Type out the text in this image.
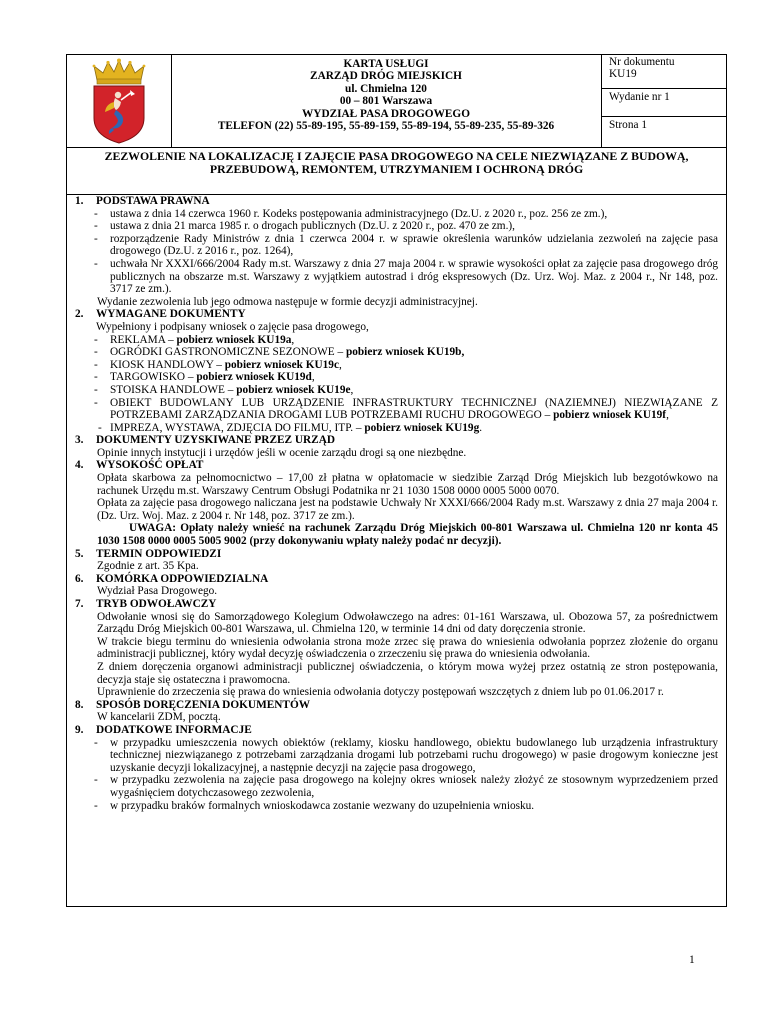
KARTA USŁUGI
ZARZĄD DRÓG MIEJSKICH
ul. Chmielna 120
00 – 801 Warszawa
WYDZIAŁ PASA DROGOWEGO
TELEFON (22) 55-89-195, 55-89-159, 55-89-194, 55-89-235, 55-89-326
Nr dokumentu
KU19
Wydanie nr 1
Strona 1
ZEZWOLENIE NA LOKALIZACJĘ I ZAJĘCIE PASA DROGOWEGO NA CELE NIEZWIĄZANE Z BUDOWĄ,
PRZEBUDOWĄ, REMONTEM, UTRZYMANIEM I OCHRONĄ DRÓG
1. PODSTAWA PRAWNA
- ustawa z dnia 14 czerwca 1960 r. Kodeks postępowania administracyjnego (Dz.U. z 2020 r., poz. 256 ze zm.),
- ustawa z dnia 21 marca 1985 r. o drogach publicznych (Dz.U. z 2020 r., poz. 470 ze zm.),
- rozporządzenie Rady Ministrów z dnia 1 czerwca 2004 r. w sprawie określenia warunków udzielania zezwoleń na zajęcie pasa drogowego (Dz.U. z 2016 r., poz. 1264),
- uchwała Nr XXXI/666/2004 Rady m.st. Warszawy z dnia 27 maja 2004 r. w sprawie wysokości opłat za zajęcie pasa drogowego dróg publicznych na obszarze m.st. Warszawy z wyjątkiem autostrad i dróg ekspresowych (Dz. Urz. Woj. Maz. z 2004 r., Nr 148, poz. 3717 ze zm.).
Wydanie zezwolenia lub jego odmowa następuje w formie decyzji administracyjnej.
2. WYMAGANE DOKUMENTY
Wypełniony i podpisany wniosek o zajęcie pasa drogowego,
- REKLAMA – pobierz wniosek KU19a,
- OGRÓDKI GASTRONOMICZNE SEZONOWE – pobierz wniosek KU19b,
- KIOSK HANDLOWY – pobierz wniosek KU19c,
- TARGOWISKO – pobierz wniosek KU19d,
- STOISKA HANDLOWE – pobierz wniosek KU19e,
- OBIEKT BUDOWLANY LUB URZĄDZENIE INFRASTRUKTURY TECHNICZNEJ (NAZIEMNEJ) NIEZWIĄZANE Z POTRZEBAMI ZARZĄDZANIA DROGAMI LUB POTRZEBAMI RUCHU DROGOWEGO – pobierz wniosek KU19f,
- IMPREZA, WYSTAWA, ZDJĘCIA DO FILMU, ITP. – pobierz wniosek KU19g.
3. DOKUMENTY UZYSKIWANE PRZEZ URZĄD
Opinie innych instytucji i urzędów jeśli w ocenie zarządu drogi są one niezbędne.
4. WYSOKOŚĆ OPŁAT
Opłata skarbowa za pełnomocnictwo – 17,00 zł płatna w opłatomacie w siedzibie Zarząd Dróg Miejskich lub bezgotówkowo na rachunek Urzędu m.st. Warszawy Centrum Obsługi Podatnika nr 21 1030 1508 0000 0005 5000 0070.
Opłata za zajęcie pasa drogowego naliczana jest na podstawie Uchwały Nr XXXI/666/2004 Rady m.st. Warszawy z dnia 27 maja 2004 r. (Dz. Urz. Woj. Maz. z 2004 r. Nr 148, poz. 3717 ze zm.).
UWAGA: Opłaty należy wnieść na rachunek Zarządu Dróg Miejskich 00-801 Warszawa ul. Chmielna 120 nr konta 45 1030 1508 0000 0005 5005 9002 (przy dokonywaniu wpłaty należy podać nr decyzji).
5. TERMIN ODPOWIEDZI
Zgodnie z art. 35 Kpa.
6. KOMÓRKA ODPOWIEDZIALNA
Wydział Pasa Drogowego.
7. TRYB ODWOŁAWCZY
Odwołanie wnosi się do Samorządowego Kolegium Odwoławczego na adres: 01-161 Warszawa, ul. Obozowa 57, za pośrednictwem Zarządu Dróg Miejskich 00-801 Warszawa, ul. Chmielna 120, w terminie 14 dni od daty doręczenia stronie.
W trakcie biegu terminu do wniesienia odwołania strona może zrzec się prawa do wniesienia odwołania poprzez złożenie do organu administracji publicznej, który wydał decyzję oświadczenia o zrzeczeniu się prawa do wniesienia odwołania.
Z dniem doręczenia organowi administracji publicznej oświadczenia, o którym mowa wyżej przez ostatnią ze stron postępowania, decyzja staje się ostateczna i prawomocna.
Uprawnienie do zrzeczenia się prawa do wniesienia odwołania dotyczy postępowań wszczętych z dniem lub po 01.06.2017 r.
8. SPOSÓB DORĘCZENIA DOKUMENTÓW
W kancelarii ZDM, pocztą.
9. DODATKOWE INFORMACJE
- w przypadku umieszczenia nowych obiektów (reklamy, kiosku handlowego, obiektu budowlanego lub urządzenia infrastruktury technicznej niezwiązanego z potrzebami zarządzania drogami lub potrzebami ruchu drogowego) w pasie drogowym konieczne jest uzyskanie decyzji lokalizacyjnej, a następnie decyzji na zajęcie pasa drogowego,
- w przypadku zezwolenia na zajęcie pasa drogowego na kolejny okres wniosek należy złożyć ze stosownym wyprzedzeniem przed wygaśnięciem dotychczasowego zezwolenia,
- w przypadku braków formalnych wnioskodawca zostanie wezwany do uzupełnienia wniosku.
1
